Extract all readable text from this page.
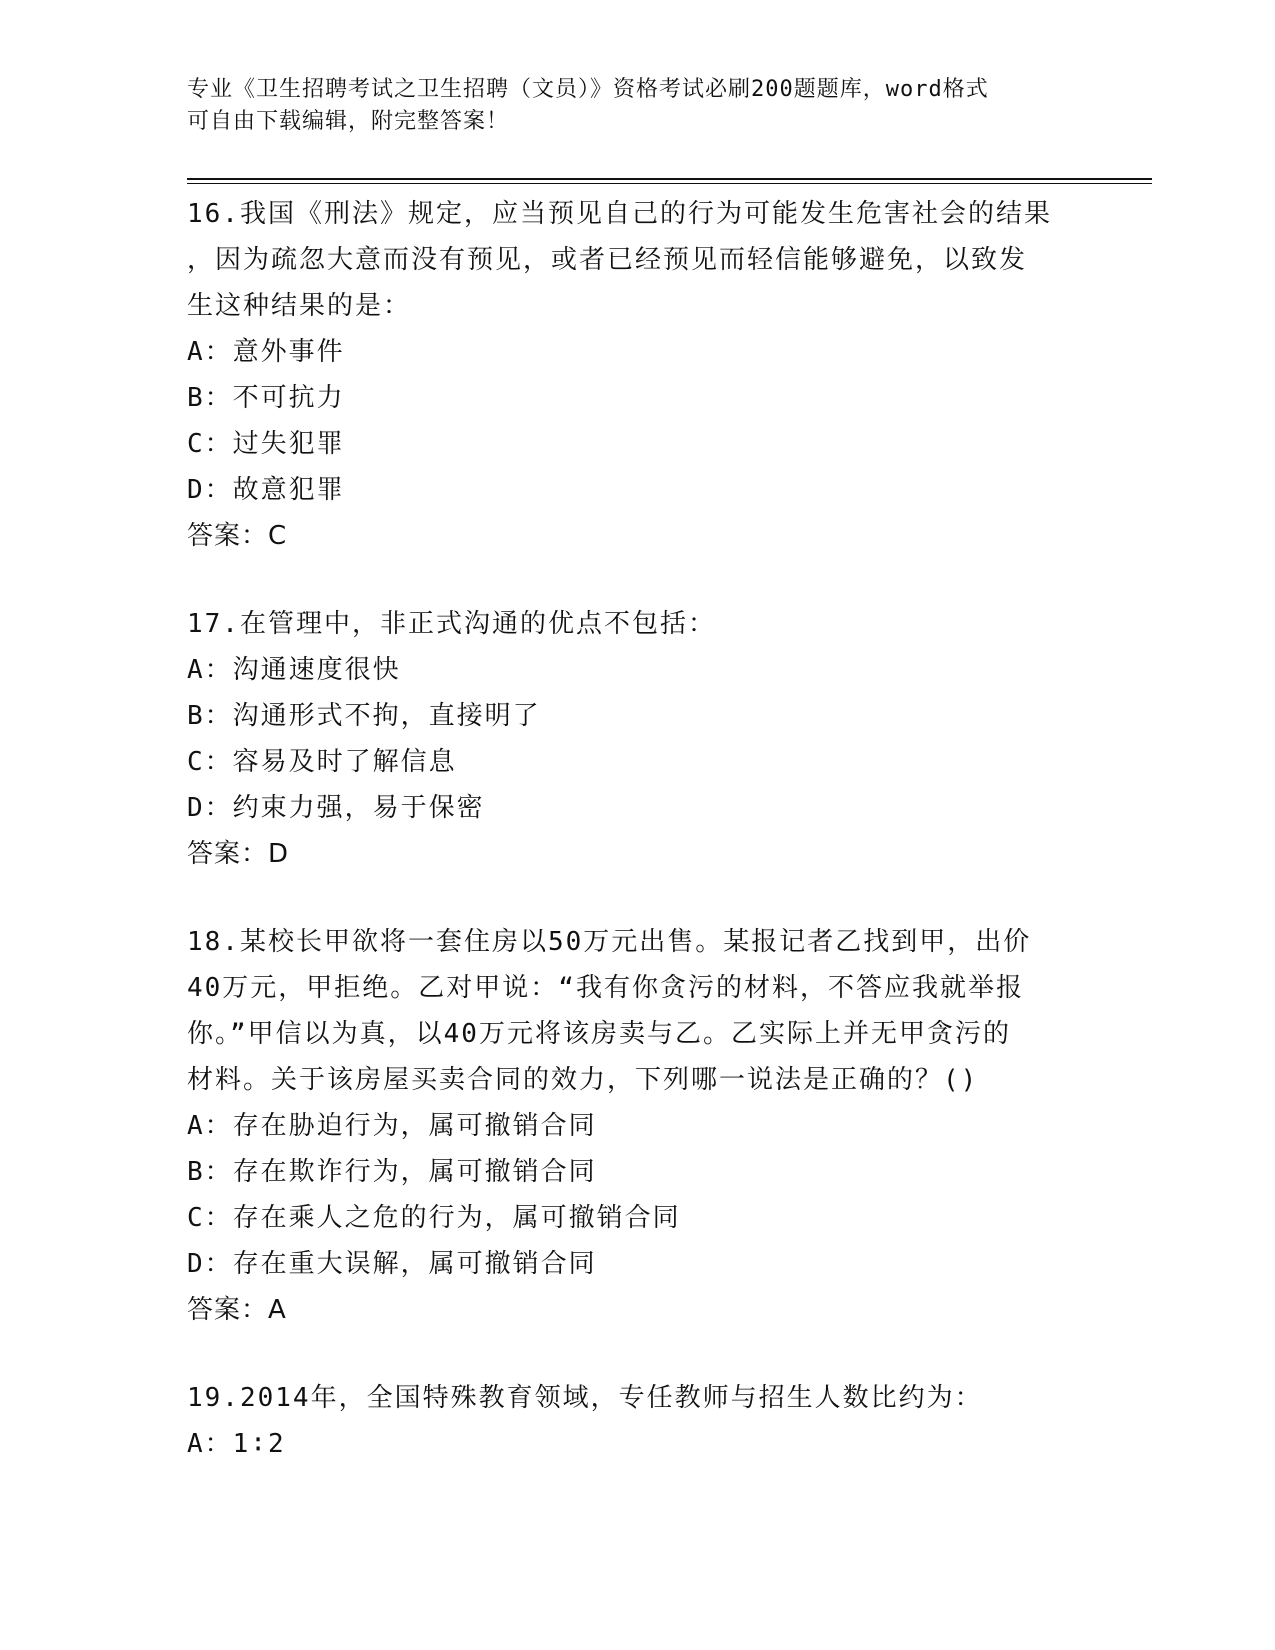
专业《卫生招聘考试之卫生招聘（文员）》资格考试必刷200题题库，word格式
可自由下载编辑，附完整答案！
16.我国《刑法》规定，应当预见自己的行为可能发生危害社会的结果
，因为疏忽大意而没有预见，或者已经预见而轻信能够避免，以致发
生这种结果的是：
A：意外事件
B：不可抗力
C：过失犯罪
D：故意犯罪
答案：C
17.在管理中，非正式沟通的优点不包括：
A：沟通速度很快
B：沟通形式不拘，直接明了
C：容易及时了解信息
D：约束力强，易于保密
答案：D
18.某校长甲欲将一套住房以50万元出售。某报记者乙找到甲，出价
40万元，甲拒绝。乙对甲说：“我有你贪污的材料，不答应我就举报
你。”甲信以为真，以40万元将该房卖与乙。乙实际上并无甲贪污的
材料。关于该房屋买卖合同的效力，下列哪一说法是正确的？()
A：存在胁迫行为，属可撤销合同
B：存在欺诈行为，属可撤销合同
C：存在乘人之危的行为，属可撤销合同
D：存在重大误解，属可撤销合同
答案：A
19.2014年，全国特殊教育领域，专任教师与招生人数比约为：
A：1∶2
